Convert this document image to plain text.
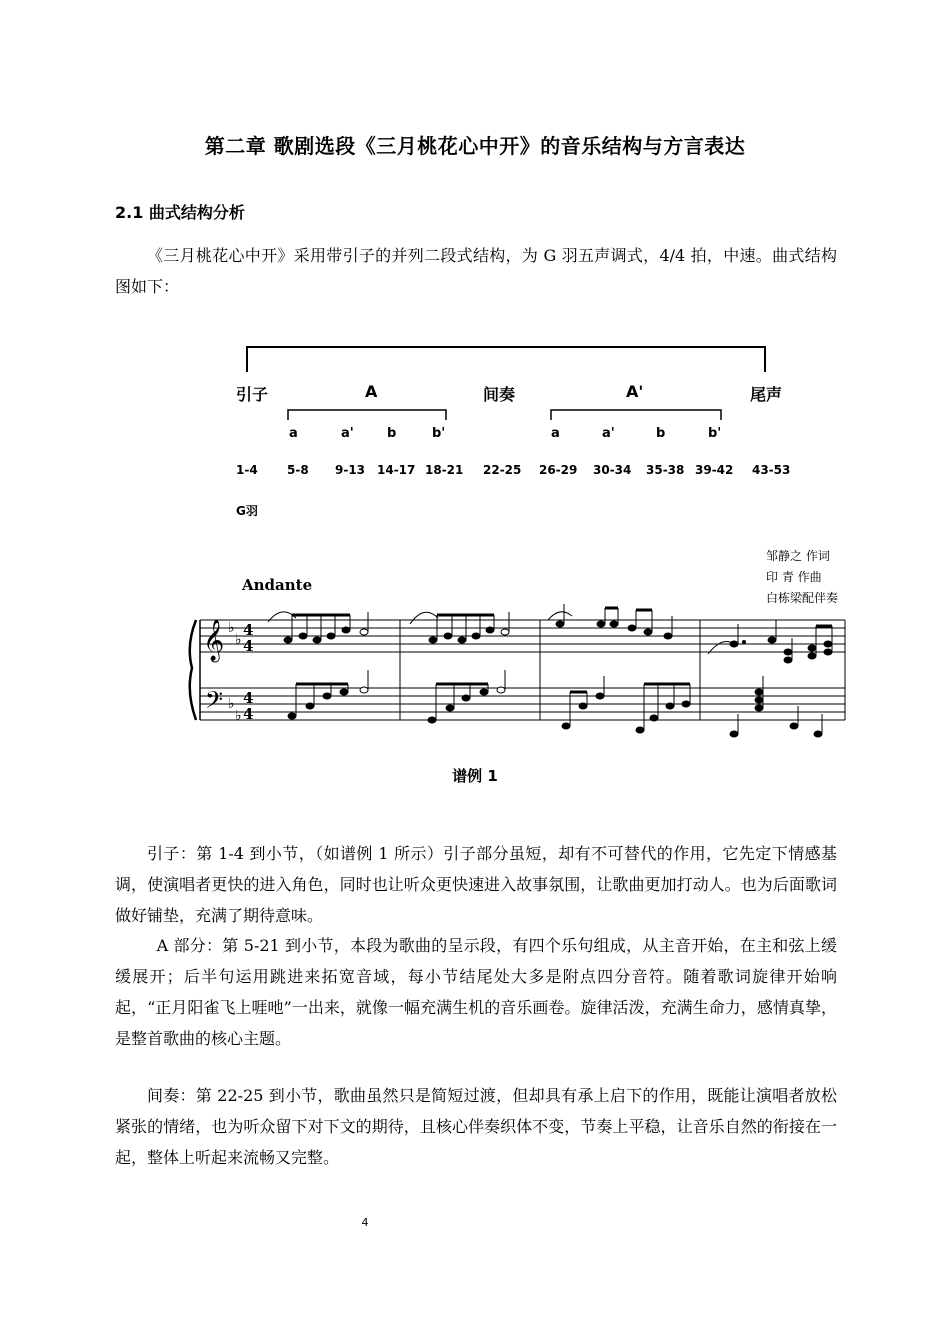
第二章 歌剧选段《三月桃花心中开》的音乐结构与方言表达

2.1 曲式结构分析

《三月桃花心中开》采用带引子的并列二段式结构，为 G 羽五声调式，4/4 拍，中速。曲式结构图如下：

引子	A	间奏	A'	尾声
a	a'	b	b'	a	a'	b	b'
1-4 5-8 9-13 14-17 18-21 22-25 26-29 30-34 35-38 39-42 43-53
G羽
邹静之 作词
印 青 作曲
白栋梁配伴奏
Andante
𝄞
𝄢
♭
♭
♭
♭
4
4
4
4
谱例 1

引子：第 1-4 到小节，（如谱例 1 所示）引子部分虽短，却有不可替代的作用，它先定下情感基调，使演唱者更快的进入角色，同时也让听众更快速进入故事氛围，让歌曲更加打动人。也为后面歌词做好铺垫，充满了期待意味。

A 部分：第 5-21 到小节，本段为歌曲的呈示段，有四个乐句组成，从主音开始，在主和弦上缓缓展开；后半句运用跳进来拓宽音域，每小节结尾处大多是附点四分音符。随着歌词旋律开始响起，“正月阳雀飞上啀吔”一出来，就像一幅充满生机的音乐画卷。旋律活泼，充满生命力，感情真挚，是整首歌曲的核心主题。

间奏：第 22-25 到小节，歌曲虽然只是简短过渡，但却具有承上启下的作用，既能让演唱者放松紧张的情绪，也为听众留下对下文的期待，且核心伴奏织体不变，节奏上平稳，让音乐自然的衔接在一起，整体上听起来流畅又完整。

4
